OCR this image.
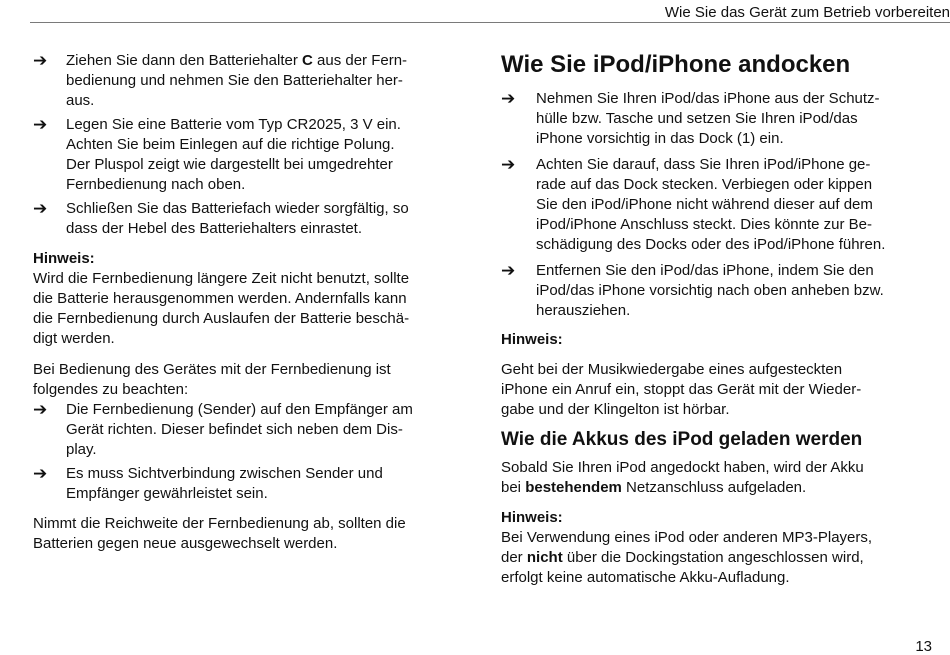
Wie Sie das Gerät zum Betrieb vorbereiten
➔	Ziehen Sie dann den Batteriehalter C aus der Fern-
bedienung und nehmen Sie den Batteriehalter her-
aus.
➔	Legen Sie eine Batterie vom Typ CR2025, 3 V ein.
Achten Sie beim Einlegen auf die richtige Polung.
Der Pluspol zeigt wie dargestellt bei umgedrehter
Fernbedienung nach oben.
➔	Schließen Sie das Batteriefach wieder sorgfältig, so
dass der Hebel des Batteriehalters einrastet.
Hinweis:
Wird die Fernbedienung längere Zeit nicht benutzt, sollte
die Batterie herausgenommen werden. Andernfalls kann
die Fernbedienung durch Auslaufen der Batterie beschä-
digt werden.
Bei Bedienung des Gerätes mit der Fernbedienung ist
folgendes zu beachten:
➔	Die Fernbedienung (Sender) auf den Empfänger am
Gerät richten. Dieser befindet sich neben dem Dis-
play.
➔	Es muss Sichtverbindung zwischen Sender und
Empfänger gewährleistet sein.
Nimmt die Reichweite der Fernbedienung ab, sollten die
Batterien gegen neue ausgewechselt werden.
Wie Sie iPod/iPhone andocken
➔	Nehmen Sie Ihren iPod/das iPhone aus der Schutz-
hülle bzw. Tasche und setzen Sie Ihren iPod/das
iPhone vorsichtig in das Dock (1) ein.
➔	Achten Sie darauf, dass Sie Ihren iPod/iPhone ge-
rade auf das Dock stecken. Verbiegen oder kippen
Sie den iPod/iPhone nicht während dieser auf dem
iPod/iPhone Anschluss steckt. Dies könnte zur Be-
schädigung des Docks oder des iPod/iPhone führen.
➔	Entfernen Sie den iPod/das iPhone, indem Sie den
iPod/das iPhone vorsichtig nach oben anheben bzw.
herausziehen.
Hinweis:
Geht bei der Musikwiedergabe eines aufgesteckten
iPhone ein Anruf ein, stoppt das Gerät mit der Wieder-
gabe und der Klingelton ist hörbar.
Wie die Akkus des iPod geladen werden
Sobald Sie Ihren iPod angedockt haben, wird der Akku
bei bestehendem Netzanschluss aufgeladen.
Hinweis:
Bei Verwendung eines iPod oder anderen MP3-Players,
der nicht über die Dockingstation angeschlossen wird,
erfolgt keine automatische Akku-Aufladung.
13
